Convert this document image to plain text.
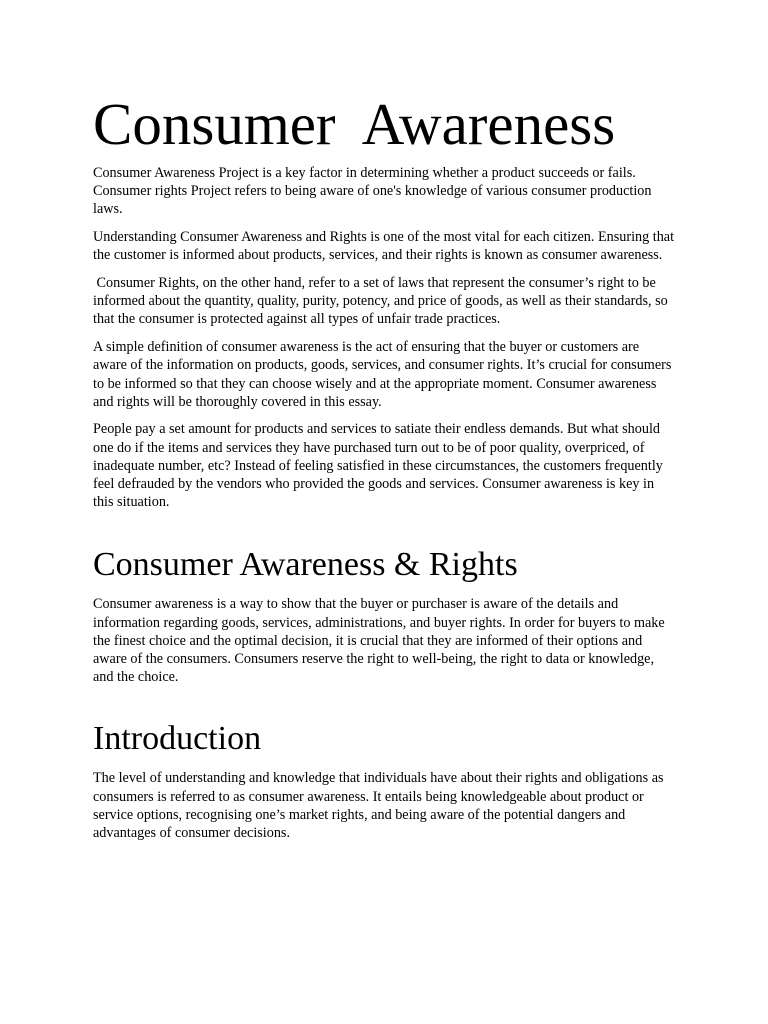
Consumer  Awareness

Consumer Awareness Project is a key factor in determining whether a product succeeds or fails. Consumer rights Project refers to being aware of one's knowledge of various consumer production laws.

Understanding Consumer Awareness and Rights is one of the most vital for each citizen. Ensuring that the customer is informed about products, services, and their rights is known as consumer awareness.

Consumer Rights, on the other hand, refer to a set of laws that represent the consumer’s right to be informed about the quantity, quality, purity, potency, and price of goods, as well as their standards, so that the consumer is protected against all types of unfair trade practices.

A simple definition of consumer awareness is the act of ensuring that the buyer or customers are aware of the information on products, goods, services, and consumer rights. It’s crucial for consumers to be informed so that they can choose wisely and at the appropriate moment. Consumer awareness and rights will be thoroughly covered in this essay.

People pay a set amount for products and services to satiate their endless demands. But what should one do if the items and services they have purchased turn out to be of poor quality, overpriced, of inadequate number, etc? Instead of feeling satisfied in these circumstances, the customers frequently feel defrauded by the vendors who provided the goods and services. Consumer awareness is key in this situation.

Consumer Awareness & Rights

Consumer awareness is a way to show that the buyer or purchaser is aware of the details and information regarding goods, services, administrations, and buyer rights. In order for buyers to make the finest choice and the optimal decision, it is crucial that they are informed of their options and aware of the consumers. Consumers reserve the right to well-being, the right to data or knowledge, and the choice.

Introduction

The level of understanding and knowledge that individuals have about their rights and obligations as consumers is referred to as consumer awareness. It entails being knowledgeable about product or service options, recognising one’s market rights, and being aware of the potential dangers and advantages of consumer decisions.
